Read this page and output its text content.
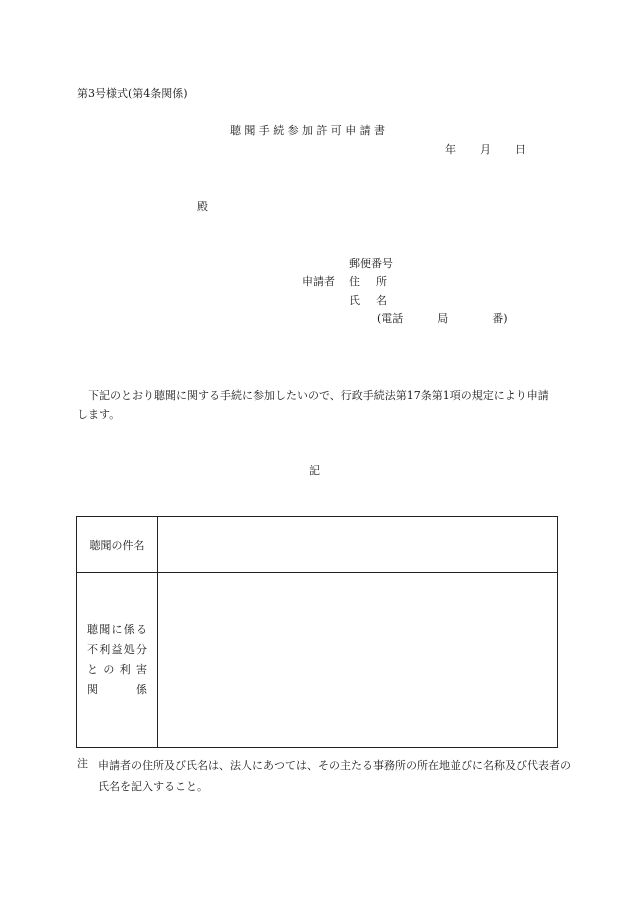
第3号様式(第4条関係)
聴聞手続参加許可申請書
年 月 日
殿
郵便番号
申請者 住所
氏名
(電話	局	番)
下記のとおり聴聞に関する手続に参加したいので、行政手続法第17条第1項の規定により申請します。
記
聴聞の件名	

聴聞に係る
不利益処分
との利害
関係	

注 申請者の住所及び氏名は、法人にあつては、その主たる事務所の所在地並びに名称及び代表者の氏名を記入すること。
